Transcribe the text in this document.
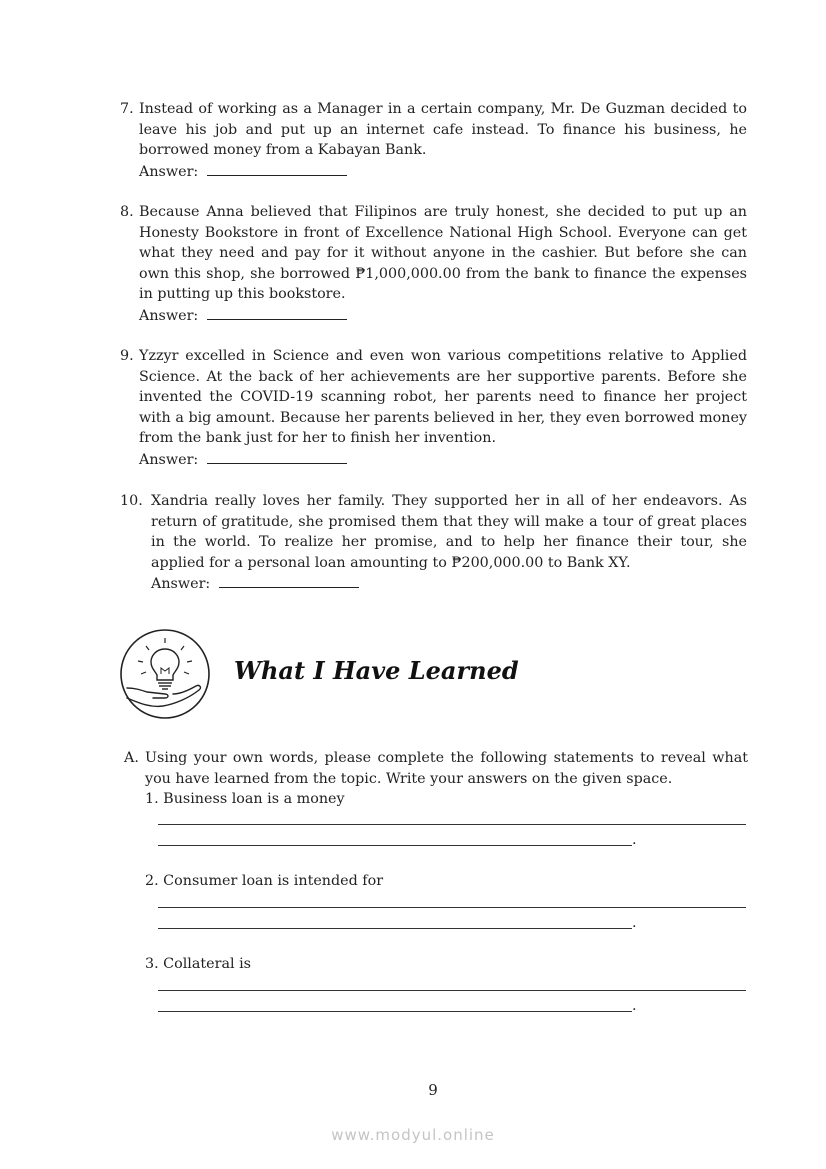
7. Instead of working as a Manager in a certain company, Mr. De Guzman decided to leave his job and put up an internet cafe instead. To finance his business, he borrowed money from a Kabayan Bank.
Answer:
8. Because Anna believed that Filipinos are truly honest, she decided to put up an Honesty Bookstore in front of Excellence National High School. Everyone can get what they need and pay for it without anyone in the cashier. But before she can own this shop, she borrowed ₱1,000,000.00 from the bank to finance the expenses in putting up this bookstore.
Answer:
9. Yzzyr excelled in Science and even won various competitions relative to Applied Science. At the back of her achievements are her supportive parents. Before she invented the COVID-19 scanning robot, her parents need to finance her project with a big amount. Because her parents believed in her, they even borrowed money from the bank just for her to finish her invention.
Answer:
10. Xandria really loves her family. They supported her in all of her endeavors. As return of gratitude, she promised them that they will make a tour of great places in the world. To realize her promise, and to help her finance their tour, she applied for a personal loan amounting to ₱200,000.00 to Bank XY.
Answer:
What I Have Learned
A. Using your own words, please complete the following statements to reveal what you have learned from the topic. Write your answers on the given space.
1. Business loan is a money
.
2. Consumer loan is intended for
.
3. Collateral is
.
9
www.modyul.online
